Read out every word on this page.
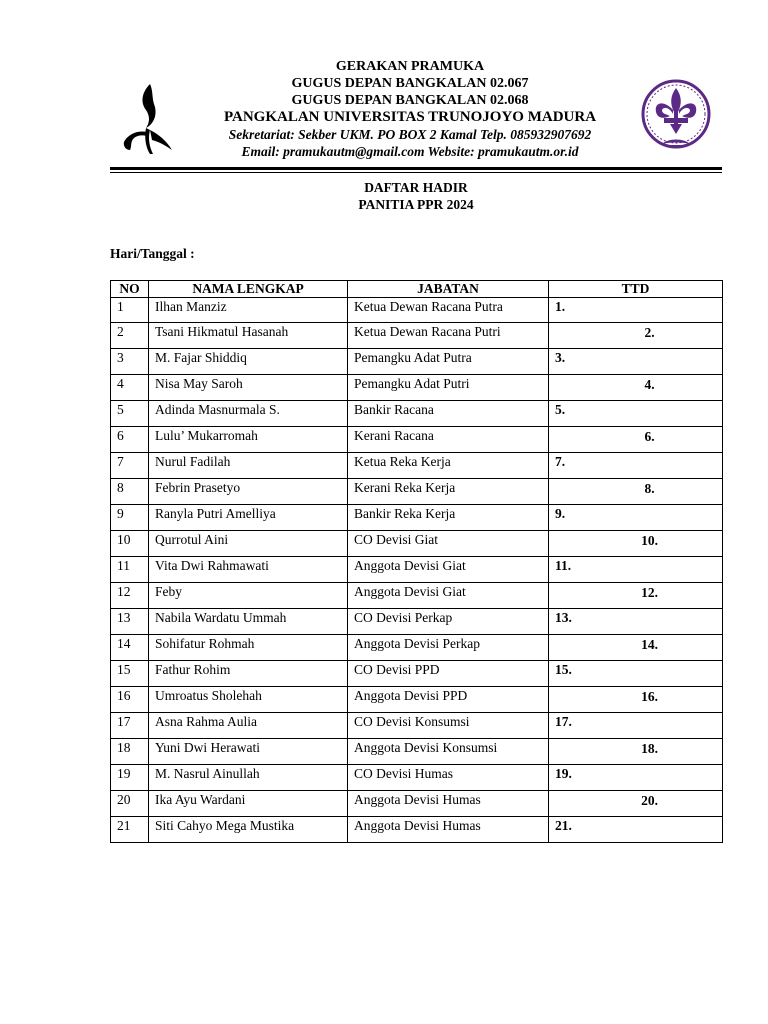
GERAKAN PRAMUKA
GUGUS DEPAN BANGKALAN 02.067
GUGUS DEPAN BANGKALAN 02.068
PANGKALAN UNIVERSITAS TRUNOJOYO MADURA
Sekretariat: Sekber UKM. PO BOX 2 Kamal Telp. 085932907692
Email: pramukautm@gmail.com Website: pramukautm.or.id
DAFTAR HADIR
PANITIA PPR 2024
Hari/Tanggal :
NO	NAMA LENGKAP	JABATAN	TTD
1	Ilhan Manziz	Ketua Dewan Racana Putra	1.
2	Tsani Hikmatul Hasanah	Ketua Dewan Racana Putri	2.
3	M. Fajar Shiddiq	Pemangku Adat Putra	3.
4	Nisa May Saroh	Pemangku Adat Putri	4.
5	Adinda Masnurmala S.	Bankir Racana	5.
6	Lulu’ Mukarromah	Kerani Racana	6.
7	Nurul Fadilah	Ketua Reka Kerja	7.
8	Febrin Prasetyo	Kerani Reka Kerja	8.
9	Ranyla Putri Amelliya	Bankir Reka Kerja	9.
10	Qurrotul Aini	CO Devisi Giat	10.
11	Vita Dwi Rahmawati	Anggota Devisi Giat	11.
12	Feby	Anggota Devisi Giat	12.
13	Nabila Wardatu Ummah	CO Devisi Perkap	13.
14	Sohifatur Rohmah	Anggota Devisi Perkap	14.
15	Fathur Rohim	CO Devisi PPD	15.
16	Umroatus Sholehah	Anggota Devisi PPD	16.
17	Asna Rahma Aulia	CO Devisi Konsumsi	17.
18	Yuni Dwi Herawati	Anggota Devisi Konsumsi	18.
19	M. Nasrul Ainullah	CO Devisi Humas	19.
20	Ika Ayu Wardani	Anggota Devisi Humas	20.
21	Siti Cahyo Mega Mustika	Anggota Devisi Humas	21.
